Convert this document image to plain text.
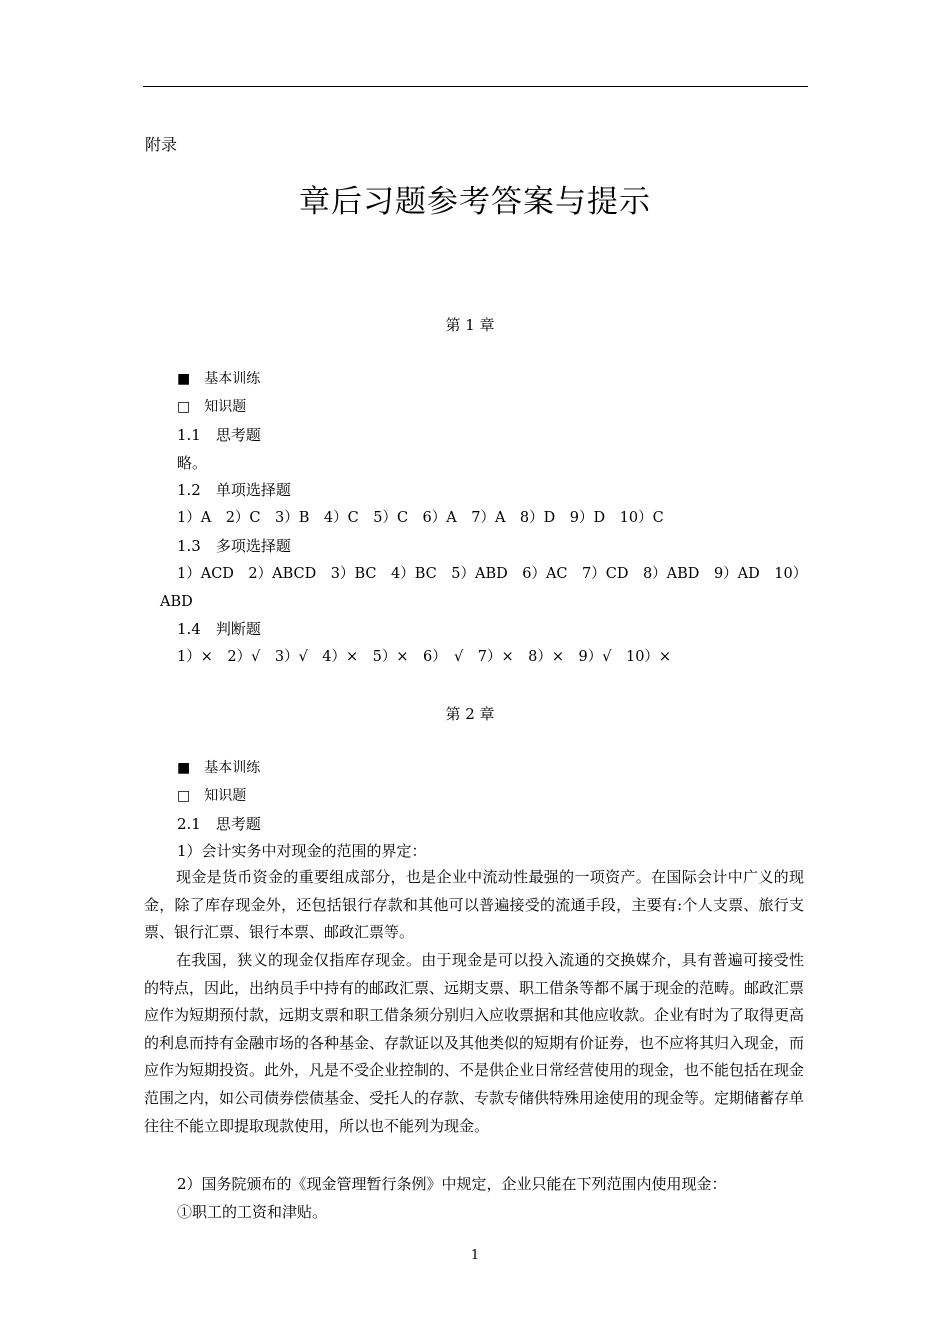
附录
章后习题参考答案与提示
第 1 章
■　基本训练
□　知识题
1.1　思考题
略。
1.2　单项选择题
1）A　2）C　3）B　4）C　5）C　6）A　7）A　8）D　9）D　10）C
1.3　多项选择题
1）ACD　2）ABCD　3）BC　4）BC　5）ABD　6）AC　7）CD　8）ABD　9）AD　10）
ABD
1.4　判断题
1）×　2）√　3）√　4）×　5）×　6）　√　7）×　8）×　9）√　10）×
第 2 章
■　基本训练
□　知识题
2.1　思考题
1）会计实务中对现金的范围的界定：
现金是货币资金的重要组成部分，也是企业中流动性最强的一项资产。在国际会计中广义的现金，除了库存现金外，还包括银行存款和其他可以普遍接受的流通手段，主要有:个人支票、旅行支票、银行汇票、银行本票、邮政汇票等。
在我国，狭义的现金仅指库存现金。由于现金是可以投入流通的交换媒介，具有普遍可接受性的特点，因此，出纳员手中持有的邮政汇票、远期支票、职工借条等都不属于现金的范畴。邮政汇票应作为短期预付款，远期支票和职工借条须分别归入应收票据和其他应收款。企业有时为了取得更高的利息而持有金融市场的各种基金、存款证以及其他类似的短期有价证券，也不应将其归入现金，而应作为短期投资。此外，凡是不受企业控制的、不是供企业日常经营使用的现金，也不能包括在现金范围之内，如公司债券偿债基金、受托人的存款、专款专储供特殊用途使用的现金等。定期储蓄存单往往不能立即提取现款使用，所以也不能列为现金。
2）国务院颁布的《现金管理暂行条例》中规定，企业只能在下列范围内使用现金：
①职工的工资和津贴。
1
